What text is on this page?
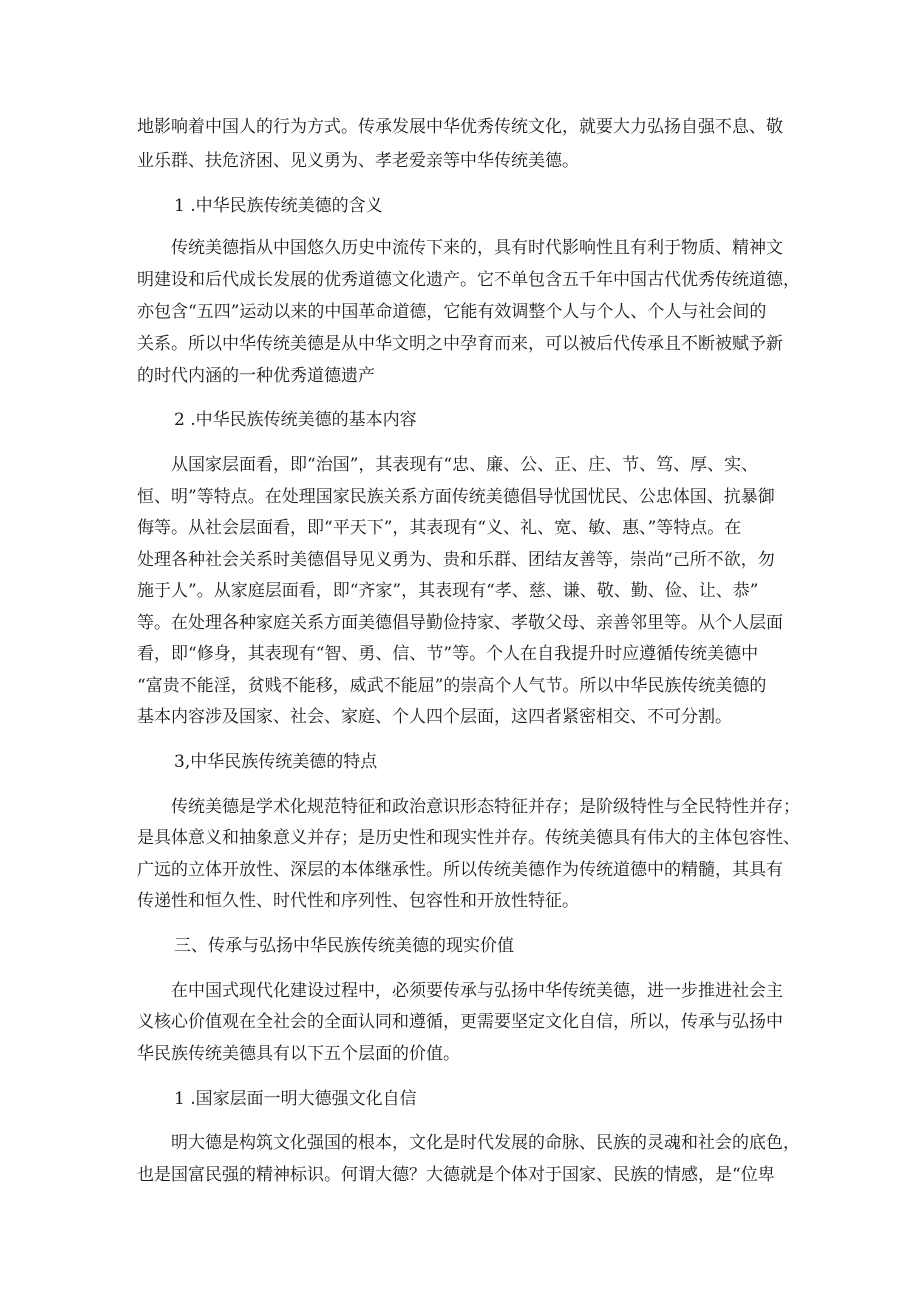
地影响着中国人的行为方式。传承发展中华优秀传统文化，就要大力弘扬自强不息、敬
业乐群、扶危济困、见义勇为、孝老爱亲等中华传统美德。
1 .中华民族传统美德的含义
　　传统美德指从中国悠久历史中流传下来的，具有时代影响性且有利于物质、精神文
明建设和后代成长发展的优秀道德文化遗产。它不单包含五千年中国古代优秀传统道德，
亦包含“五四”运动以来的中国革命道德，它能有效调整个人与个人、个人与社会间的
关系。所以中华传统美德是从中华文明之中孕育而来，可以被后代传承且不断被赋予新
的时代内涵的一种优秀道德遗产
2 .中华民族传统美德的基本内容
　　从国家层面看，即“治国”，其表现有“忠、廉、公、正、庄、节、笃、厚、实、
恒、明”等特点。在处理国家民族关系方面传统美德倡导忧国忧民、公忠体国、抗暴御
侮等。从社会层面看，即“平天下”，其表现有“义、礼、宽、敏、惠、”等特点。在
处理各种社会关系时美德倡导见义勇为、贵和乐群、团结友善等，崇尚“己所不欲，勿
施于人”。从家庭层面看，即“齐家”，其表现有“孝、慈、谦、敬、勤、俭、让、恭”
等。在处理各种家庭关系方面美德倡导勤俭持家、孝敬父母、亲善邻里等。从个人层面
看，即“修身，其表现有“智、勇、信、节”等。个人在自我提升时应遵循传统美德中
“富贵不能淫，贫贱不能移，威武不能屈”的崇高个人气节。所以中华民族传统美德的
基本内容涉及国家、社会、家庭、个人四个层面，这四者紧密相交、不可分割。
3,中华民族传统美德的特点
　　传统美德是学术化规范特征和政治意识形态特征并存；是阶级特性与全民特性并存；
是具体意义和抽象意义并存；是历史性和现实性并存。传统美德具有伟大的主体包容性、
广远的立体开放性、深层的本体继承性。所以传统美德作为传统道德中的精髓，其具有
传递性和恒久性、时代性和序列性、包容性和开放性特征。
三、传承与弘扬中华民族传统美德的现实价值
　　在中国式现代化建设过程中，必须要传承与弘扬中华传统美德，进一步推进社会主
义核心价值观在全社会的全面认同和遵循，更需要坚定文化自信，所以，传承与弘扬中
华民族传统美德具有以下五个层面的价值。
1 .国家层面一明大德强文化自信
　　明大德是构筑文化强国的根本，文化是时代发展的命脉、民族的灵魂和社会的底色，
也是国富民强的精神标识。何谓大德？大德就是个体对于国家、民族的情感，是“位卑
